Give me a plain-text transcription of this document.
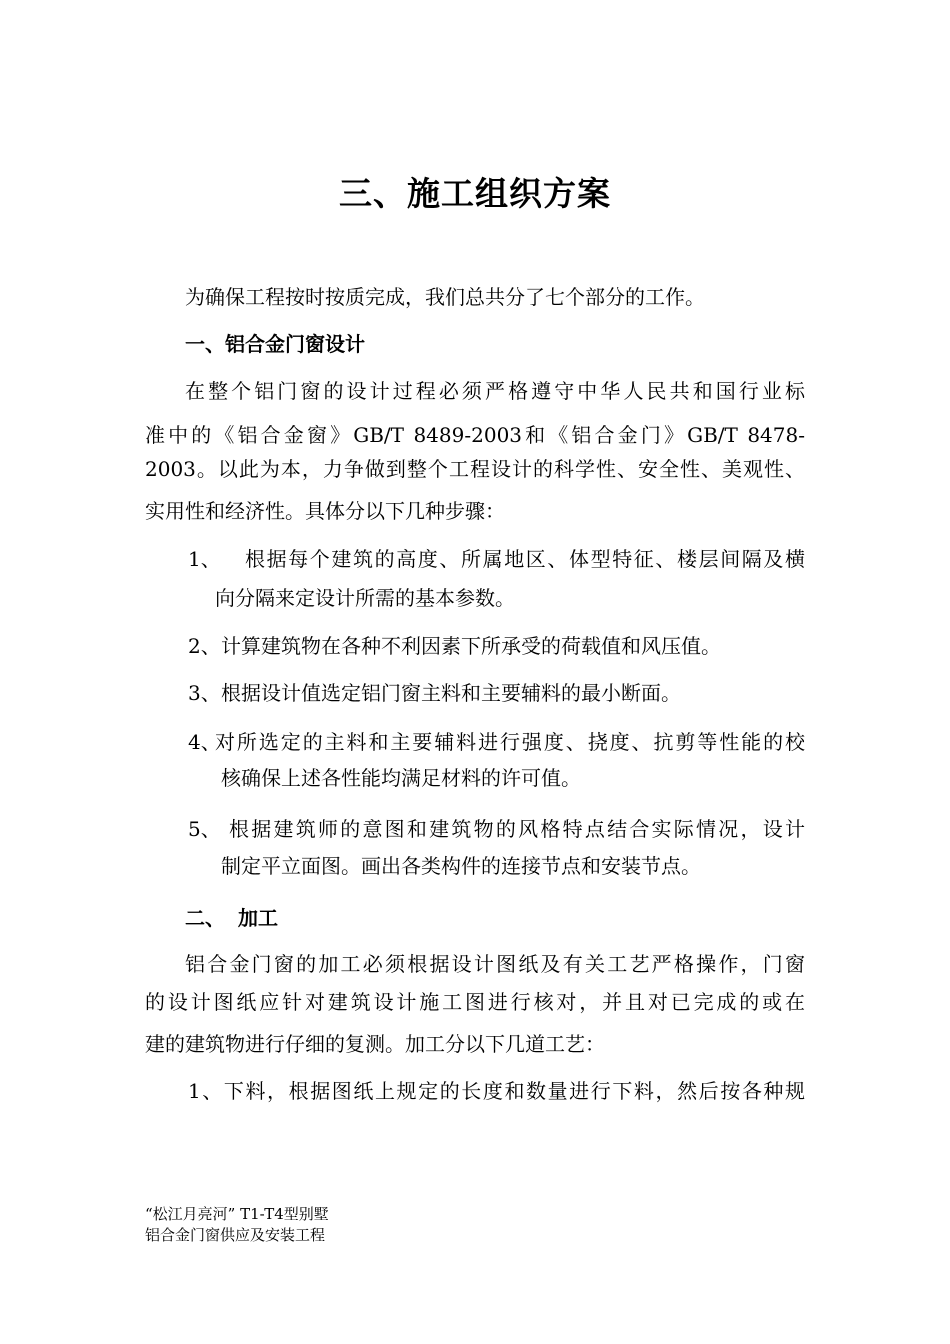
三、施工组织方案
为确保工程按时按质完成，我们总共分了七个部分的工作。
一、铝合金门窗设计
在整个铝门窗的设计过程必须严格遵守中华人民共和国行业标
准中的《铝合金窗》GB/T 8489-2003和《铝合金门》GB/T 8478-
2003。以此为本，力争做到整个工程设计的科学性、安全性、美观性、
实用性和经济性。具体分以下几种步骤：
1、 根据每个建筑的高度、所属地区、体型特征、楼层间隔及横
向分隔来定设计所需的基本参数。
2、 计算建筑物在各种不利因素下所承受的荷载值和风压值。
3、 根据设计值选定铝门窗主料和主要辅料的最小断面。
4、
对所选定的主料和主要辅料进行强度、挠度、抗剪等性能的校
核确保上述各性能均满足材料的许可值。
5、 根据建筑师的意图和建筑物的风格特点结合实际情况，设计
制定平立面图。画出各类构件的连接节点和安装节点。
二、 加工
铝合金门窗的加工必须根据设计图纸及有关工艺严格操作，门窗
的设计图纸应针对建筑设计施工图进行核对，并且对已完成的或在
建的建筑物进行仔细的复测。加工分以下几道工艺：
1、下料，根据图纸上规定的长度和数量进行下料，然后按各种规
“松江月亮河” T1-T4型别墅
铝合金门窗供应及安装工程
